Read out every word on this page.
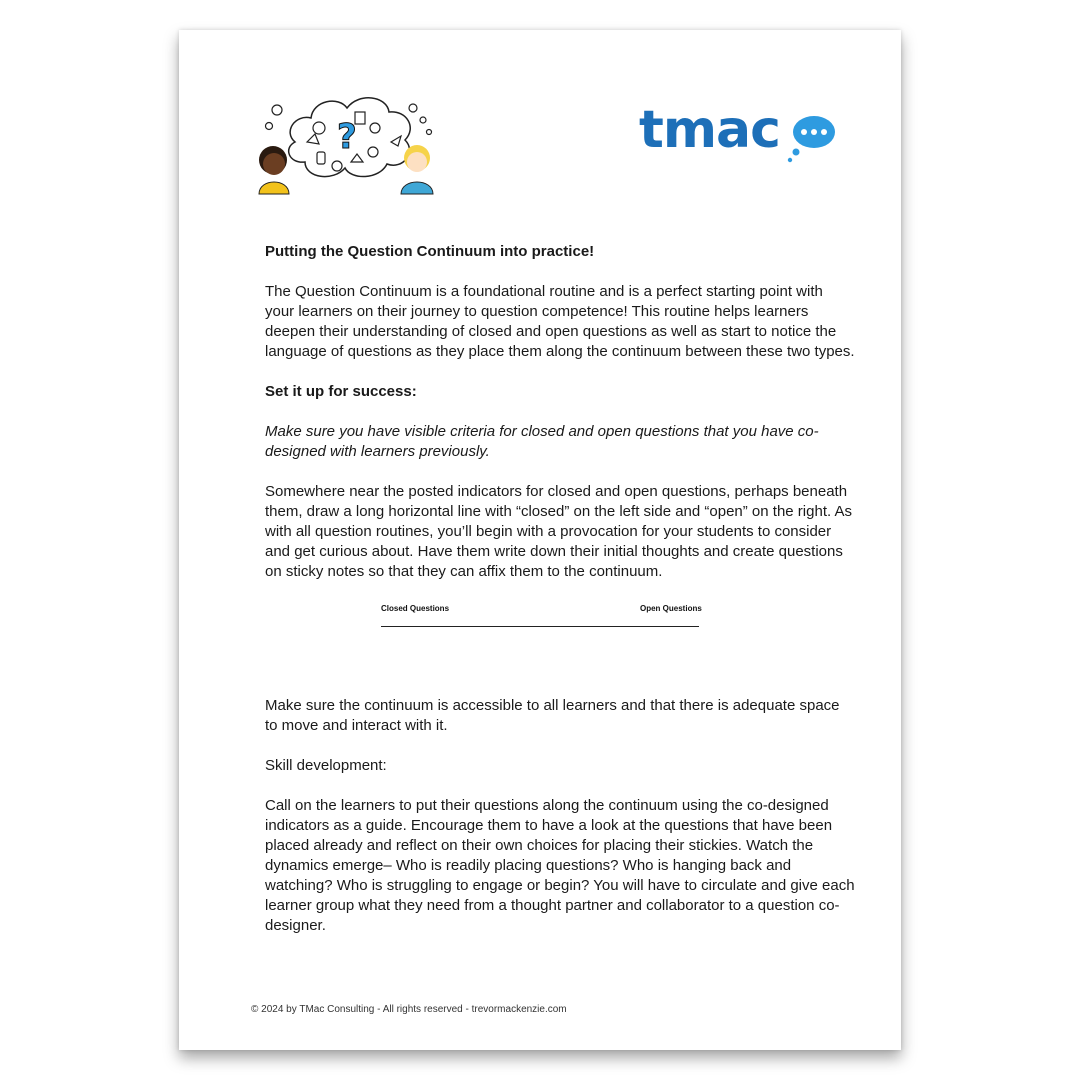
?	tmac

Putting the Question Continuum into practice!

The Question Continuum is a foundational routine and is a perfect starting point with your learners on their journey to question competence! This routine helps learners deepen their understanding of closed and open questions as well as start to notice the language of questions as they place them along the continuum between these two types.

Set it up for success:

Make sure you have visible criteria for closed and open questions that you have co-designed with learners previously.

Somewhere near the posted indicators for closed and open questions, perhaps beneath them, draw a long horizontal line with “closed” on the left side and “open” on the right. As with all question routines, you’ll begin with a provocation for your students to consider and get curious about. Have them write down their initial thoughts and create questions on sticky notes so that they can affix them to the continuum.

Closed Questions	Open Questions

Make sure the continuum is accessible to all learners and that there is adequate space to move and interact with it.

Skill development:

Call on the learners to put their questions along the continuum using the co-designed indicators as a guide. Encourage them to have a look at the questions that have been placed already and reflect on their own choices for placing their stickies. Watch the dynamics emerge– Who is readily placing questions? Who is hanging back and watching? Who is struggling to engage or begin? You will have to circulate and give each learner group what they need from a thought partner and collaborator to a question co-designer.

© 2024 by TMac Consulting - All rights reserved - trevormackenzie.com
